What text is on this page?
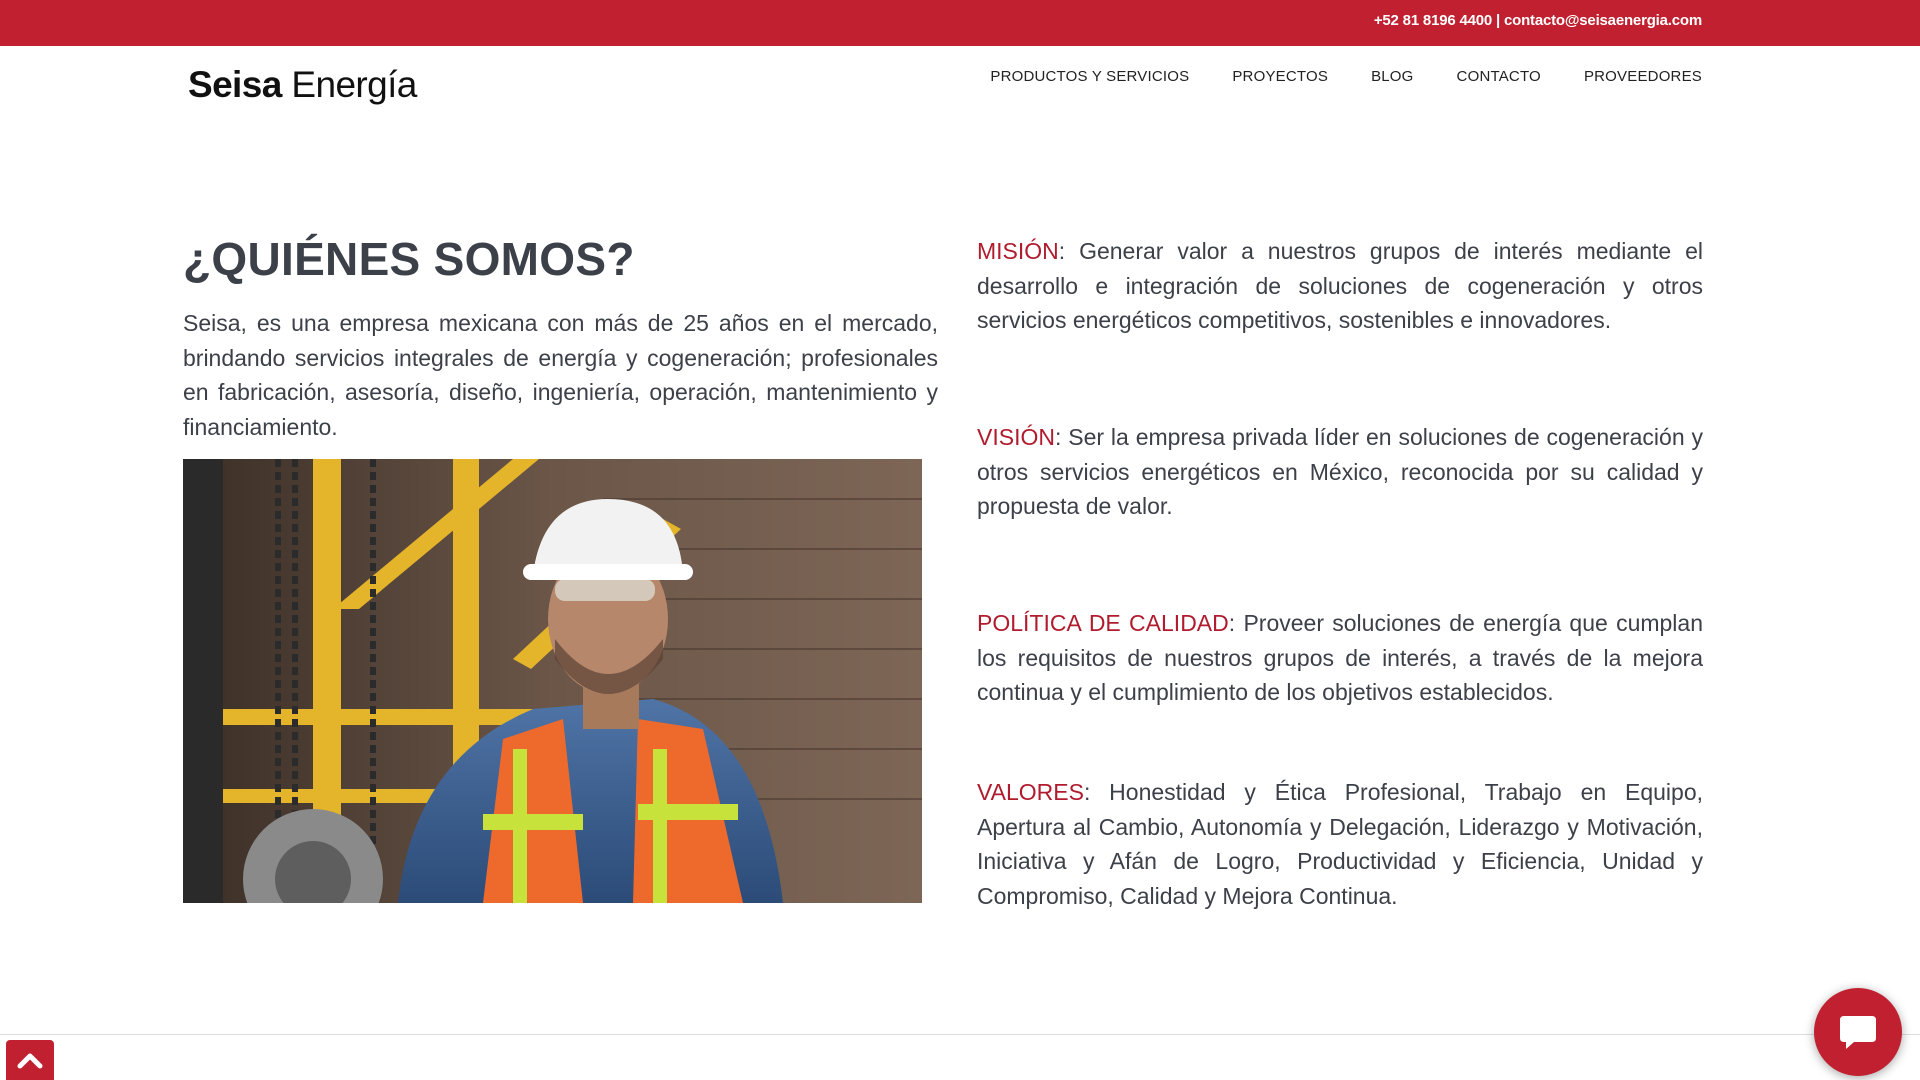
+52 81 8196 4400 | contacto@seisaenergia.com
Seisa Energía	PRODUCTOS Y SERVICIOS	PROYECTOS	BLOG	CONTACTO	PROVEEDORES
¿QUIÉNES SOMOS?

Seisa, es una empresa mexicana con más de 25 años en el mercado, brindando servicios integrales de energía y cogeneración; profesionales en fabricación, asesoría, diseño, ingeniería, operación, mantenimiento y financiamiento.

MISIÓN: Generar valor a nuestros grupos de interés mediante el desarrollo e integración de soluciones de cogeneración y otros servicios energéticos competitivos, sostenibles e innovadores.

VISIÓN: Ser la empresa privada líder en soluciones de cogeneración y otros servicios energéticos en México, reconocida por su calidad y propuesta de valor.

POLÍTICA DE CALIDAD: Proveer soluciones de energía que cumplan los requisitos de nuestros grupos de interés, a través de la mejora continua y el cumplimiento de los objetivos establecidos.

VALORES: Honestidad y Ética Profesional, Trabajo en Equipo, Apertura al Cambio, Autonomía y Delegación, Liderazgo y Motivación, Iniciativa y Afán de Logro, Productividad y Eficiencia, Unidad y Compromiso, Calidad y Mejora Continua.
